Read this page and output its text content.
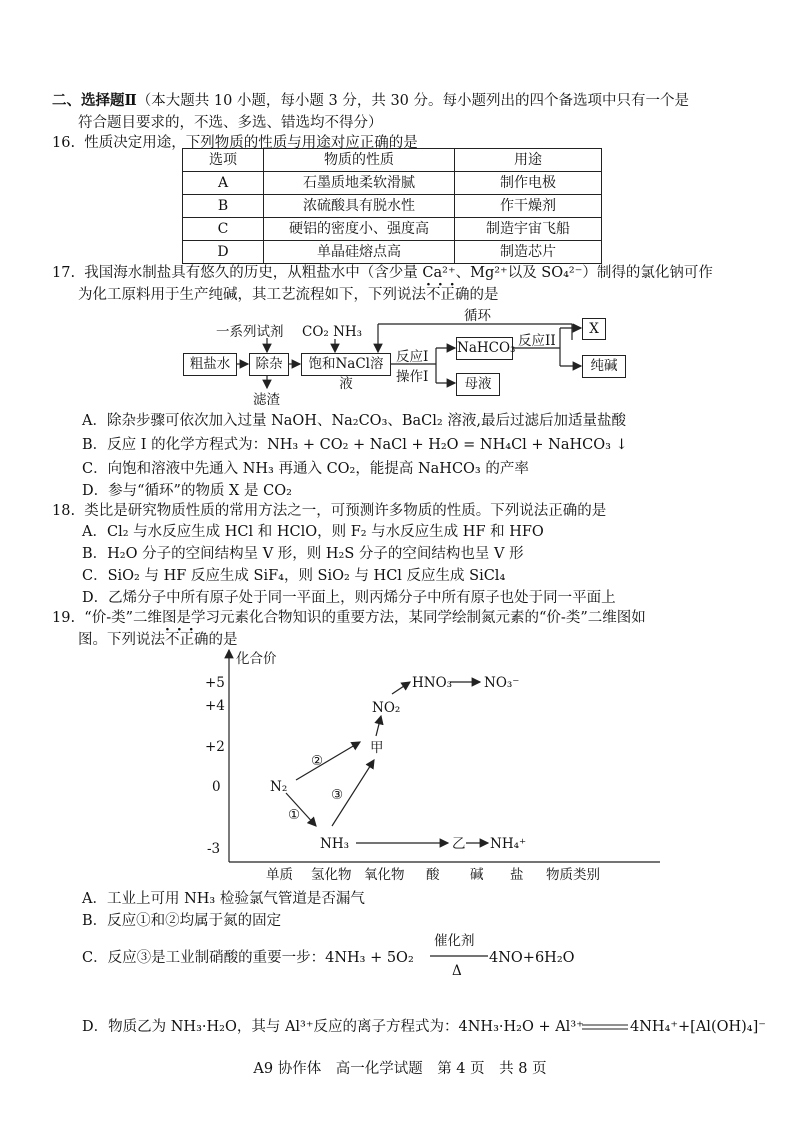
二、选择题Ⅱ（本大题共 10 小题，每小题 3 分，共 30 分。每小题列出的四个备选项中只有一个是
符合题目要求的，不选、多选、错选均不得分）
16. 性质决定用途，下列物质的性质与用途对应正确的是
选项	物质的性质	用途
A	石墨质地柔软滑腻	制作电极
B	浓硫酸具有脱水性	作干燥剂
C	硬铝的密度小、强度高	制造宇宙飞船
D	单晶硅熔点高	制造芯片
17. 我国海水制盐具有悠久的历史，从粗盐水中（含少量 Ca²⁺、Mg²⁺以及 SO₄²⁻）制得的氯化钠可作
为化工原料用于生产纯碱，其工艺流程如下，下列说法不正确 ···的是
一系列试剂 CO₂ NH₃
循环
粗盐水	除杂
滤渣
饱和NaCl溶液
反应I
操作I
NaHCO₃ 反应II
X
纯碱
母液
A．除杂步骤可依次加入过量 NaOH、Na₂CO₃、BaCl₂ 溶液,最后过滤后加适量盐酸
B．反应 I 的化学方程式为：NH₃ + CO₂ + NaCl + H₂O = NH₄Cl + NaHCO₃ ↓
C．向饱和溶液中先通入 NH₃ 再通入 CO₂，能提高 NaHCO₃ 的产率
D．参与“循环”的物质 X 是 CO₂
18. 类比是研究物质性质的常用方法之一，可预测许多物质的性质。下列说法正确的是
A．Cl₂ 与水反应生成 HCl 和 HClO，则 F₂ 与水反应生成 HF 和 HFO
B．H₂O 分子的空间结构呈 V 形，则 H₂S 分子的空间结构也呈 V 形
C．SiO₂ 与 HF 反应生成 SiF₄，则 SiO₂ 与 HCl 反应生成 SiCl₄
D．乙烯分子中所有原子处于同一平面上，则丙烯分子中所有原子也处于同一平面上
19. “价-类”二维图是学习元素化合物知识的重要方法，某同学绘制氮元素的“价-类”二维图如
图。下列说法不正确 ···的是
化合价
+5
+4
+2
0
-3
单质 氢化物 氧化物 酸 碱 盐 物质类别
N₂
NH₃
甲
NO₂
HNO₃ NO₃⁻
乙 NH₄⁺
①
②
③
A．工业上可用 NH₃ 检验氯气管道是否漏气
B．反应①和②均属于氮的固定
C．反应③是工业制硝酸的重要一步：4NH₃ + 5O₂
催化剂
Δ
4NO+6H₂O
D．物质乙为 NH₃·H₂O，其与 Al³⁺反应的离子方程式为：4NH₃·H₂O + Al³⁺	4NH₄⁺+[Al(OH)₄]⁻
A9 协作体　高一化学试题　第 4 页　共 8 页
